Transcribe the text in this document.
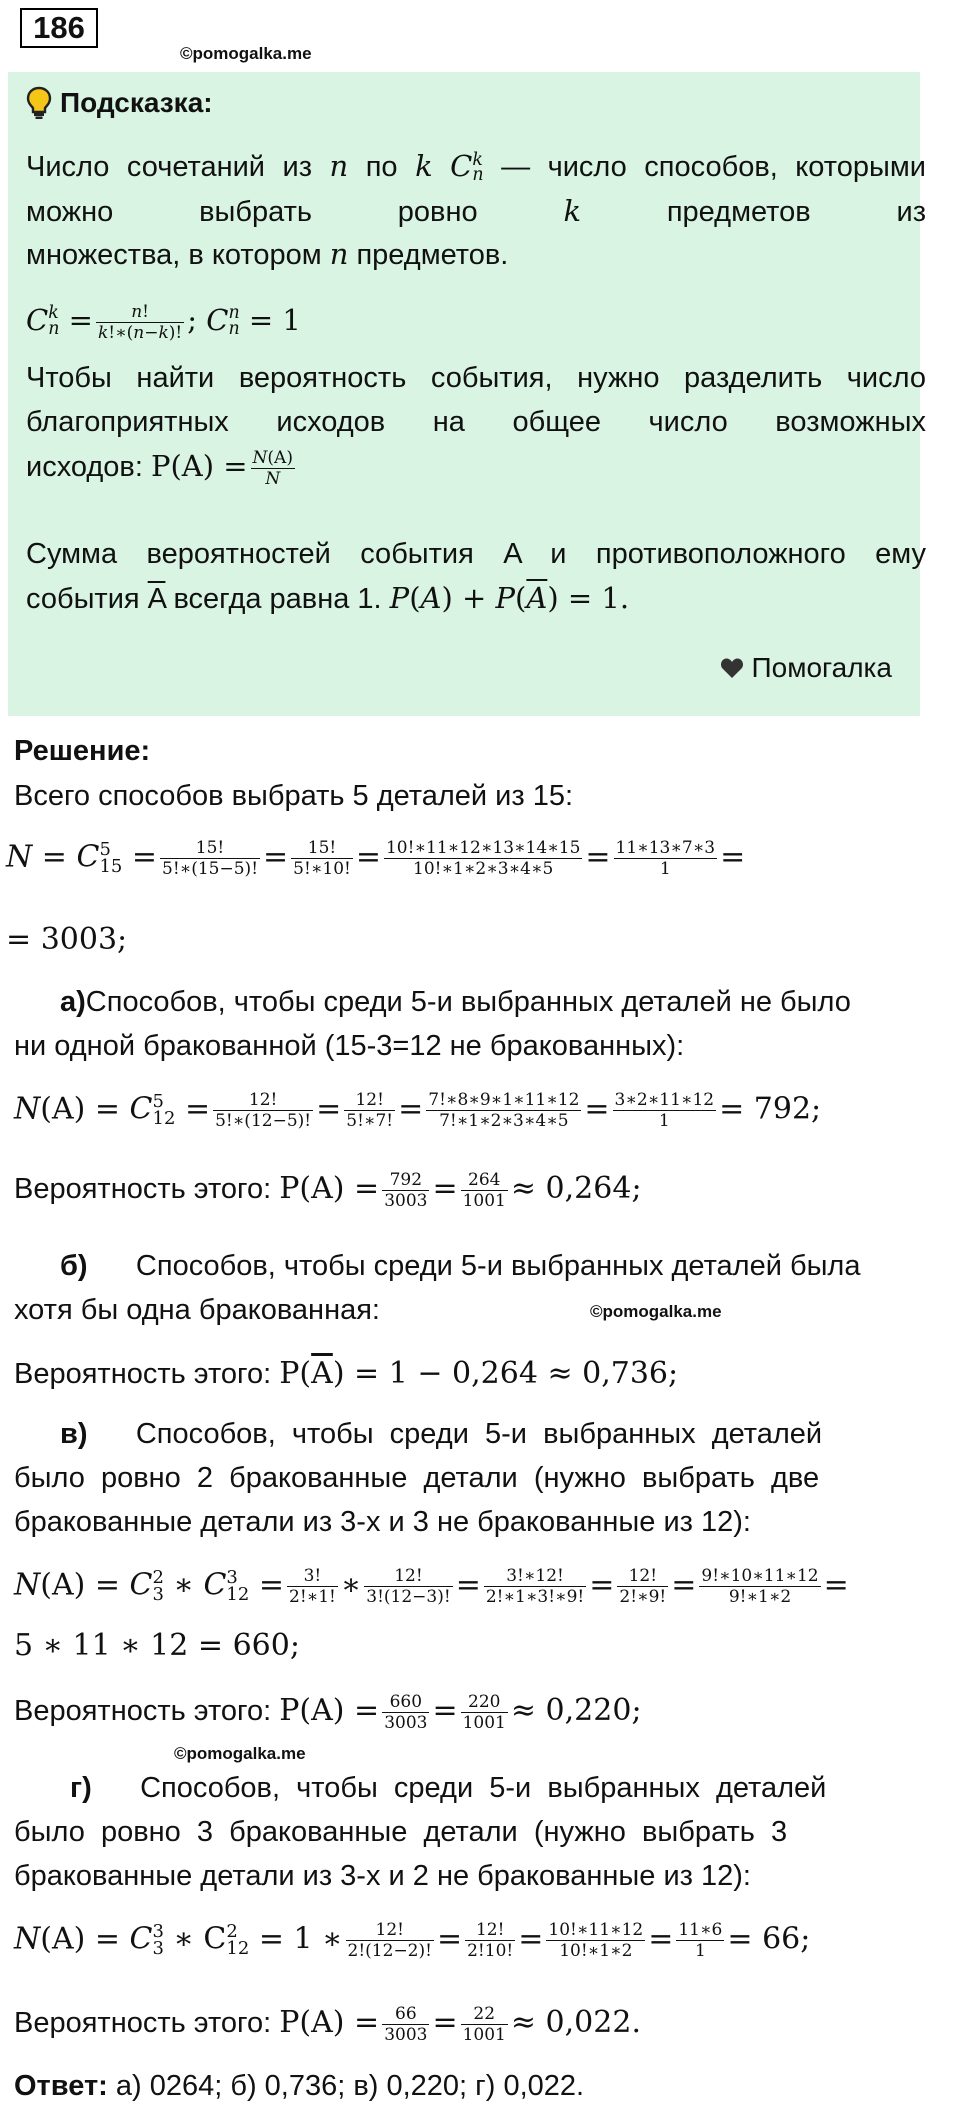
186
©pomogalka.me
Подсказка:
Число сочетаний из n по k C k
n — число способов, которыми можно выбрать ровно k предметов из
множества, в котором n предметов.
C k
$n = \frac{n!}{k!∗(n-k)!}$ ; C n
n = 1
Чтобы найти вероятность события, нужно разделить число благоприятных исходов на общее число возможных
исходов: $P(A) = \frac{N(A)}{N}$
Сумма вероятностей события A и противоположного ему
события $\overline{A}$ всегда равна 1. $P(A) + P(\overline{A}) = 1$.
Помогалка
Решение:
Всего способов выбрать 5 деталей из 15:
N = C 5
$15 = \frac{15!}{5!∗(15-5)!} = \frac{15!}{5!∗10!} = \frac{10!∗11∗12∗13∗14∗15}{10!∗1∗2∗3∗4∗5} = \frac{11∗13∗7∗3}{1}$ =
= 3003;
а)Способов, чтобы среди 5-и выбранных деталей не было
ни одной бракованной (15-3=12 не бракованных):
N(A) = C 5
$12 = \frac{12!}{5!∗(12-5)!} = \frac{12!}{5!∗7!} = \frac{7!∗8∗9∗1∗11∗12}{7!∗1∗2∗3∗4∗5} = \frac{3∗2∗11∗12}{1} = 792$;
Вероятность этого: $P(A) = \frac{792}{3003} = \frac{264}{1001} \approx 0,264$;
б)      Способов, чтобы среди 5-и выбранных деталей была
хотя бы одна бракованная:	©pomogalka.me
Вероятность этого: $P(\overline{A}) = 1 - 0,264 \approx 0,736$;
в)      Способов,  чтобы  среди  5-и  выбранных  деталей
было  ровно  2  бракованные  детали  (нужно  выбрать  две
бракованные детали из 3-х и 3 не бракованные из 12):
N(A) = C 2
3 ∗ C 3
$12 = \frac{3!}{2!∗1!}$ ∗ $\frac{12!}{3!(12-3)!} = \frac{3!∗12!}{2!∗1∗3!∗9!} = \frac{12!}{2!∗9!} = \frac{9!∗10∗11∗12}{9!∗1∗2}$ =
5 ∗ 11 ∗ 12 = 660;
Вероятность этого: $P(A) = \frac{660}{3003} = \frac{220}{1001} \approx 0,220$;
©pomogalka.me
г)      Способов,  чтобы  среди  5-и  выбранных  деталей
было  ровно  3  бракованные  детали  (нужно  выбрать  3
бракованные детали из 3-х и 2 не бракованные из 12):
N(A) = C 3
3 ∗ C 2
12 = 1 ∗ $\frac{12!}{2!(12-2)!} = \frac{12!}{2!10!} = \frac{10!∗11∗12}{10!∗1∗2} = \frac{11∗6}{1} = 66$;
Вероятность этого: $P(A) = \frac{66}{3003} = \frac{22}{1001} \approx 0,022$.
Ответ: а) 0264; б) 0,736; в) 0,220; г) 0,022.
